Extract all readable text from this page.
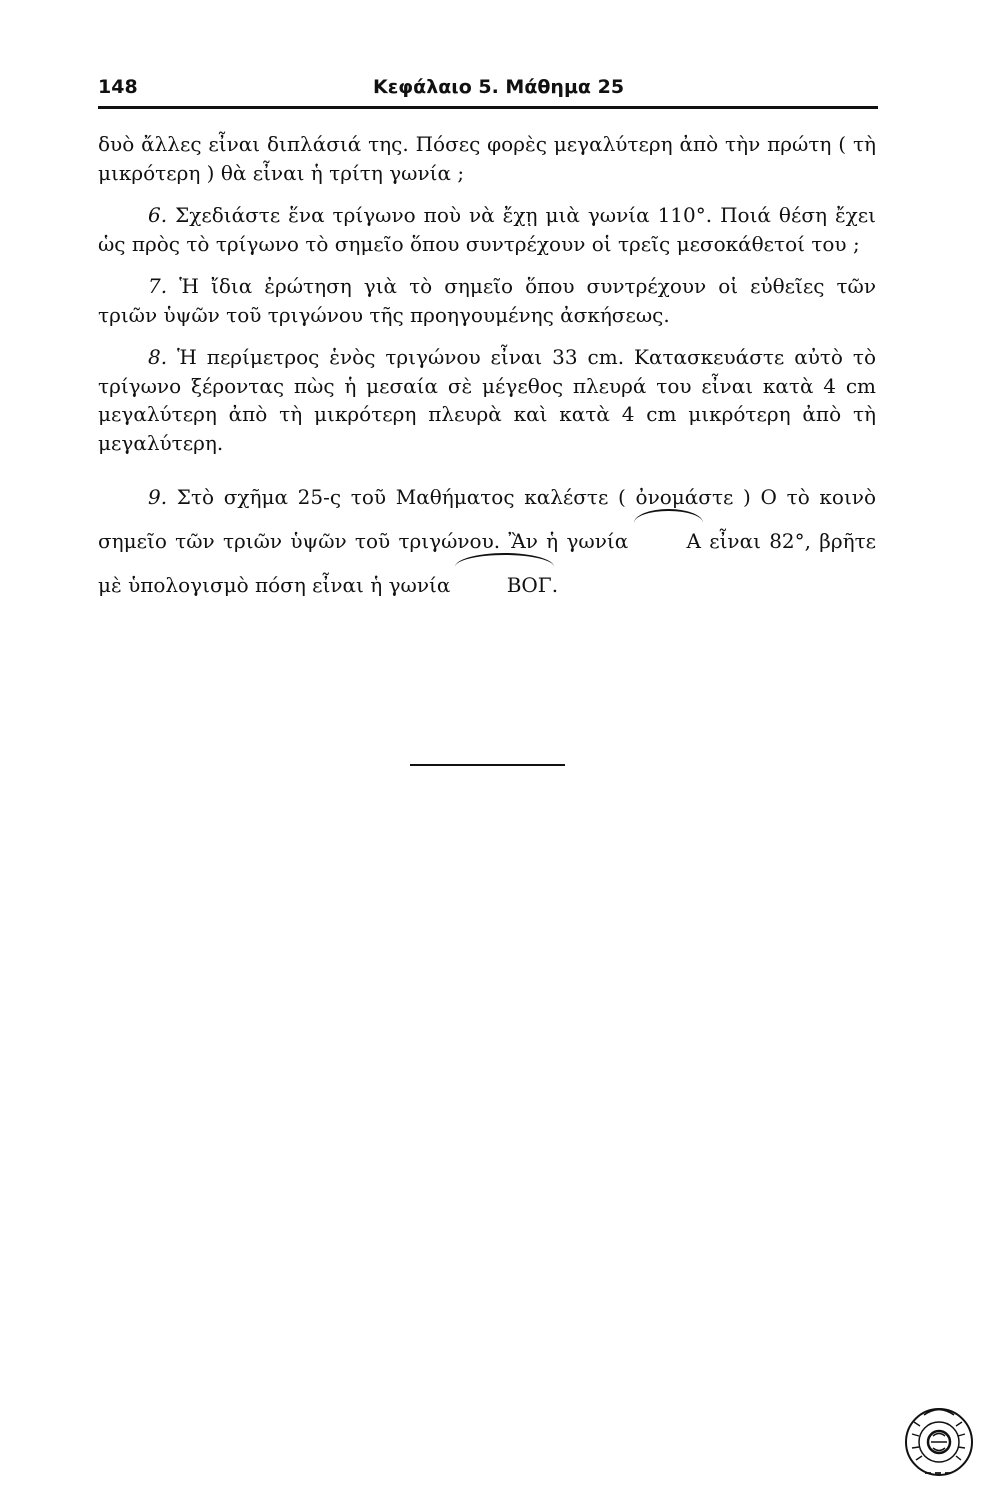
148	Κεφάλαιο 5. Μάθημα 25

δυὸ ἄλλες εἶναι διπλάσιά της. Πόσες φορὲς μεγαλύτερη ἀπὸ τὴν πρώτη ( τὴ μικρότερη ) θὰ εἶναι ἡ τρίτη γωνία ;

6. Σχεδιάστε ἕνα τρίγωνο ποὺ νὰ ἔχῃ μιὰ γωνία 110°. Ποιά θέση ἔχει ὡς πρὸς τὸ τρίγωνο τὸ σημεῖο ὅπου συντρέχουν οἱ τρεῖς μεσοκάθετοί του ;

7. Ἡ ἴδια ἐρώτηση γιὰ τὸ σημεῖο ὅπου συντρέχουν οἱ εὐθεῖες τῶν τριῶν ὑψῶν τοῦ τριγώνου τῆς προηγουμένης ἀσκήσεως.

8. Ἡ περίμετρος ἑνὸς τριγώνου εἶναι 33 cm. Κατασκευάστε αὐτὸ τὸ τρίγωνο ξέροντας πὼς ἡ μεσαία σὲ μέγεθος πλευρά του εἶναι κατὰ 4 cm μεγαλύτερη ἀπὸ τὴ μικρότερη πλευρὰ καὶ κατὰ 4 cm μικρότερη ἀπὸ τὴ μεγαλύτερη.

9. Στὸ σχῆμα 25-ς τοῦ Μαθήματος καλέστε ( ὀνομάστε ) Ο τὸ κοινὸ σημεῖο τῶν τριῶν ὑψῶν τοῦ τριγώνου. Ἂν ἡ γωνία	Α εἶναι 82°, βρῆτε μὲ ὑπολογισμὸ πόση εἶναι ἡ γωνία	ΒΟΓ.
